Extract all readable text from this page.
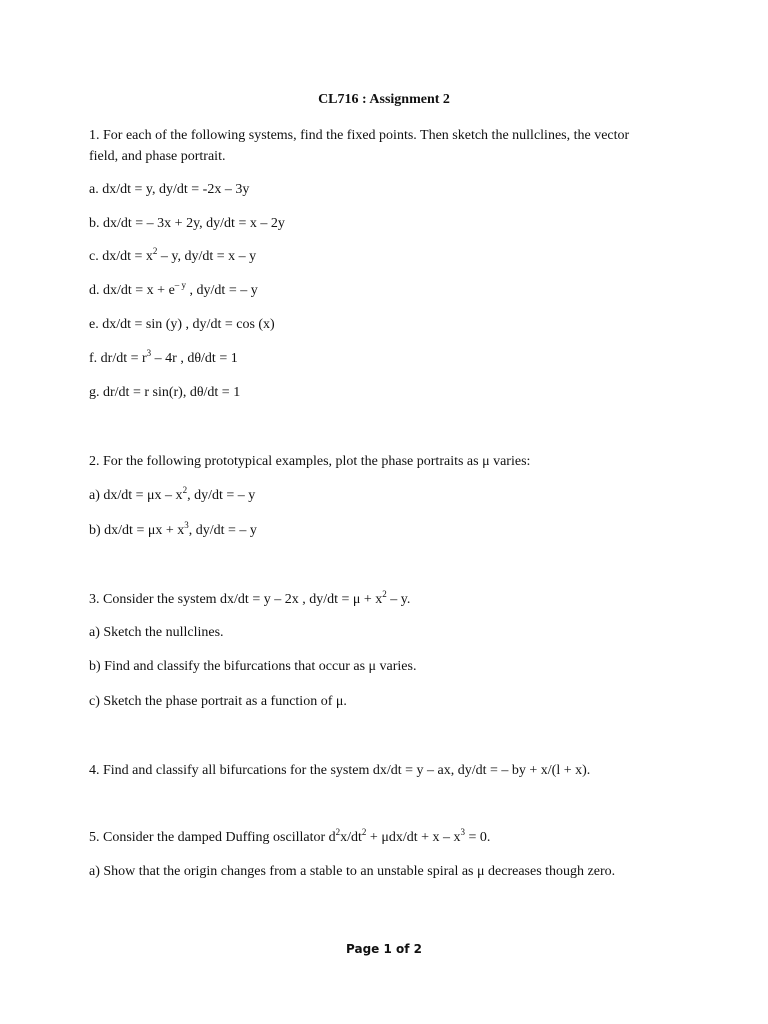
CL716 : Assignment 2
1. For each of the following systems, find the fixed points. Then sketch the nullclines, the vector
field, and phase portrait.
a. dx/dt = y, dy/dt = -2x – 3y
b. dx/dt = – 3x + 2y, dy/dt = x – 2y
c. $dx/dt = x^2 - y$, dy/dt = x – y
d. $dx/dt = x + e^{- y}$ , dy/dt = – y
e. dx/dt = sin (y) , dy/dt = cos (x)
f. $dr/dt = r^3 - 4r$ , dθ/dt = 1
g. dr/dt = r sin(r), dθ/dt = 1
2. For the following prototypical examples, plot the phase portraits as μ varies:
a) $dx/dt = \mu x - x^2$, dy/dt = – y
b) $dx/dt = \mu x + x^3$, dy/dt = – y
3. Consider the system dx/dt = y – 2x , $dy/dt = \mu + x^2 - y$.
a) Sketch the nullclines.
b) Find and classify the bifurcations that occur as μ varies.
c) Sketch the phase portrait as a function of μ.
4. Find and classify all bifurcations for the system dx/dt = y – ax, dy/dt = – by + x/(l + x).
5. Consider the damped Duffing oscillator $d^2x/dt^2 + \mu dx/dt + x - x^3 = 0$.
a) Show that the origin changes from a stable to an unstable spiral as μ decreases though zero.
Page 1 of 2
